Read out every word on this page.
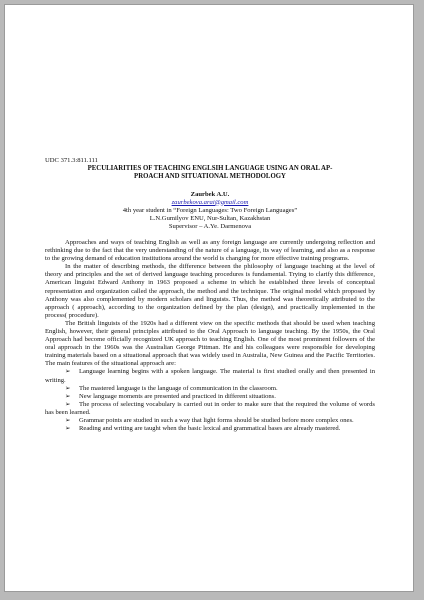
UDC 371.3:811.111
PECULIARITIES OF TEACHING ENGLSIH LANGUAGE USING AN ORAL AP-
PROACH AND SITUATIONAL METHODOLOGY
Zaurbek A.U.
zaurbekova.arai@gmail.com
4th year student in “Foreign Languages: Two Foreign Languages”
L.N.Gumilyov ENU, Nur-Sultan, Kazakhstan
Supervisor – A.Ye. Darmenova

Approaches and ways of teaching English as well as any foreign language are currently undergoing reflection and rethinking due to the fact that the very understanding of the nature of a language, its way of learning, and also as a response to the growing demand of education institutions around the world is changing for more effective training programs.

In the matter of describing methods, the difference between the philosophy of language teaching at the level of theory and principles and the set of derived language teaching procedures is fundamental. Trying to clarify this difference, American linguist Edward Anthony in 1963 proposed a scheme in which he established three levels of conceptual representation and organization called the approach, the method and the technique. The original model which proposed by Anthony was also complemented by modern scholars and linguists. Thus, the method was theoretically attributed to the approach ( approach), according to the organization defined by the plan (design), and practically implemented in the process( procedure).

The British linguists of the 1920s had a different view on the specific methods that should be used when teaching English, however, their general principles attributed to the Oral Approach to language teaching. By the 1950s, the Oral Approach had become officially recognized UK approach to teaching English. One of the most prominent followers of the oral approach in the 1960s was the Australian George Pittman. He and his colleagues were responsible for developing training materials based on a situational approach that was widely used in Australia, New Guinea and the Pacific Territories. The main features of the situational approach are:

➢ Language learning begins with a spoken language. The material is first studied orally and then presented in writing.
➢ The mastered language is the language of communication in the classroom.
➢ New language moments are presented and practiced in different situations.
➢ The process of selecting vocabulary is carried out in order to make sure that the required the volume of words has been learned.
➢ Grammar points are studied in such a way that light forms should be studied before more complex ones.
➢ Reading and writing are taught when the basic lexical and grammatical bases are already mastered.
